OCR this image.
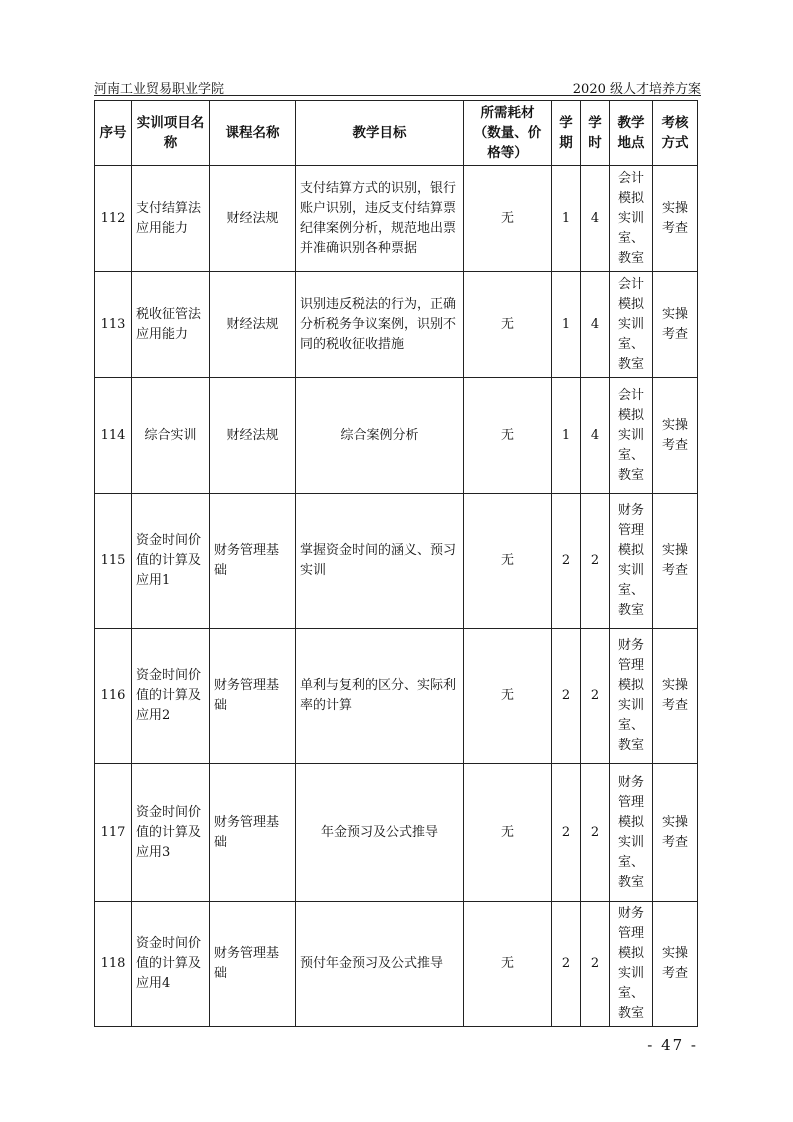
河南工业贸易职业学院	2020 级人才培养方案
序号	实训项目名称	课程名称	教学目标	所需耗材（数量、价格等）	学期	学时	教学地点	考核方式
112	支付结算法应用能力	财经法规	支付结算方式的识别，银行账户识别，违反支付结算票纪律案例分析，规范地出票并准确识别各种票据	无	1	4	会计模拟实训室、教室	实操考查
113	税收征管法应用能力	财经法规	识别违反税法的行为，正确分析税务争议案例，识别不同的税收征收措施	无	1	4	会计模拟实训室、教室	实操考查
114	综合实训	财经法规	综合案例分析	无	1	4	会计模拟实训室、教室	实操考查
115	资金时间价值的计算及应用1	财务管理基础	掌握资金时间的涵义、预习实训	无	2	2	财务管理模拟实训室、教室	实操考查
116	资金时间价值的计算及应用2	财务管理基础	单利与复利的区分、实际利率的计算	无	2	2	财务管理模拟实训室、教室	实操考查
117	资金时间价值的计算及应用3	财务管理基础	年金预习及公式推导	无	2	2	财务管理模拟实训室、教室	实操考查
118	资金时间价值的计算及应用4	财务管理基础	预付年金预习及公式推导	无	2	2	财务管理模拟实训室、教室	实操考查
- 47 -
